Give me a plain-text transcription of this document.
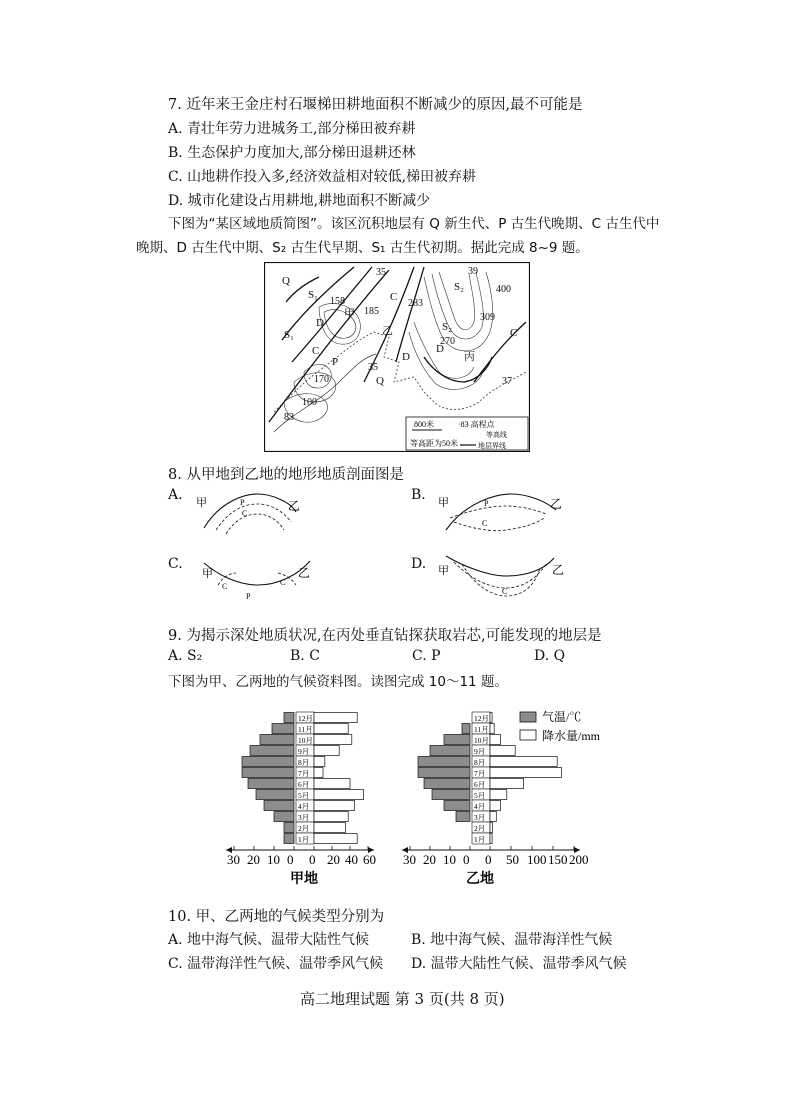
7. 近年来王金庄村石堰梯田耕地面积不断减少的原因,最不可能是
A. 青壮年劳力进城务工,部分梯田被弃耕
B. 生态保护力度加大,部分梯田退耕还林
C. 山地耕作投入多,经济效益相对较低,梯田被弃耕
D. 城市化建设占用耕地,耕地面积不断减少
下图为“某区域地质简图”。该区沉积地层有 Q 新生代、P 古生代晚期、C 古生代中
晚期、D 古生代中期、S₂ 古生代早期、S₁ 古生代初期。据此完成 8~9 题。
Q
S₁
S₁
D
C
P
C
乙
D
Q
S₂
D
C
S₂
丙
甲
35
158
185
283
39
309
400
270
35
170
100
83
37
800米	·83 高程点
等高距为50米
等高线
地层界线
8. 从甲地到乙地的地形地质剖面图是
A. 甲	乙
P
C
B. 甲	乙
P
C
C.
甲	乙
C
P
C
D. 甲	乙
C
9. 为揭示深处地质状况,在丙处垂直钻探获取岩芯,可能发现的地层是
A. S₂	B. C	C. P	D. Q
下图为甲、乙两地的气候资料图。读图完成 10～11 题。
12月
11月
10月
9月
8月
7月
6月
5月
4月
3月
2月
1月
30 20 10 0 0 20 40 60
甲地
12月
11月
10月
9月
8月
7月
6月
5月
4月
3月
2月
1月
30 20 10 0 0 50 100 150 200
乙地
气温/℃
降水量/mm
10. 甲、乙两地的气候类型分别为
A. 地中海气候、温带大陆性气候	B. 地中海气候、温带海洋性气候
C. 温带海洋性气候、温带季风气候 D. 温带大陆性气候、温带季风气候
高二地理试题 第 3 页(共 8 页)
